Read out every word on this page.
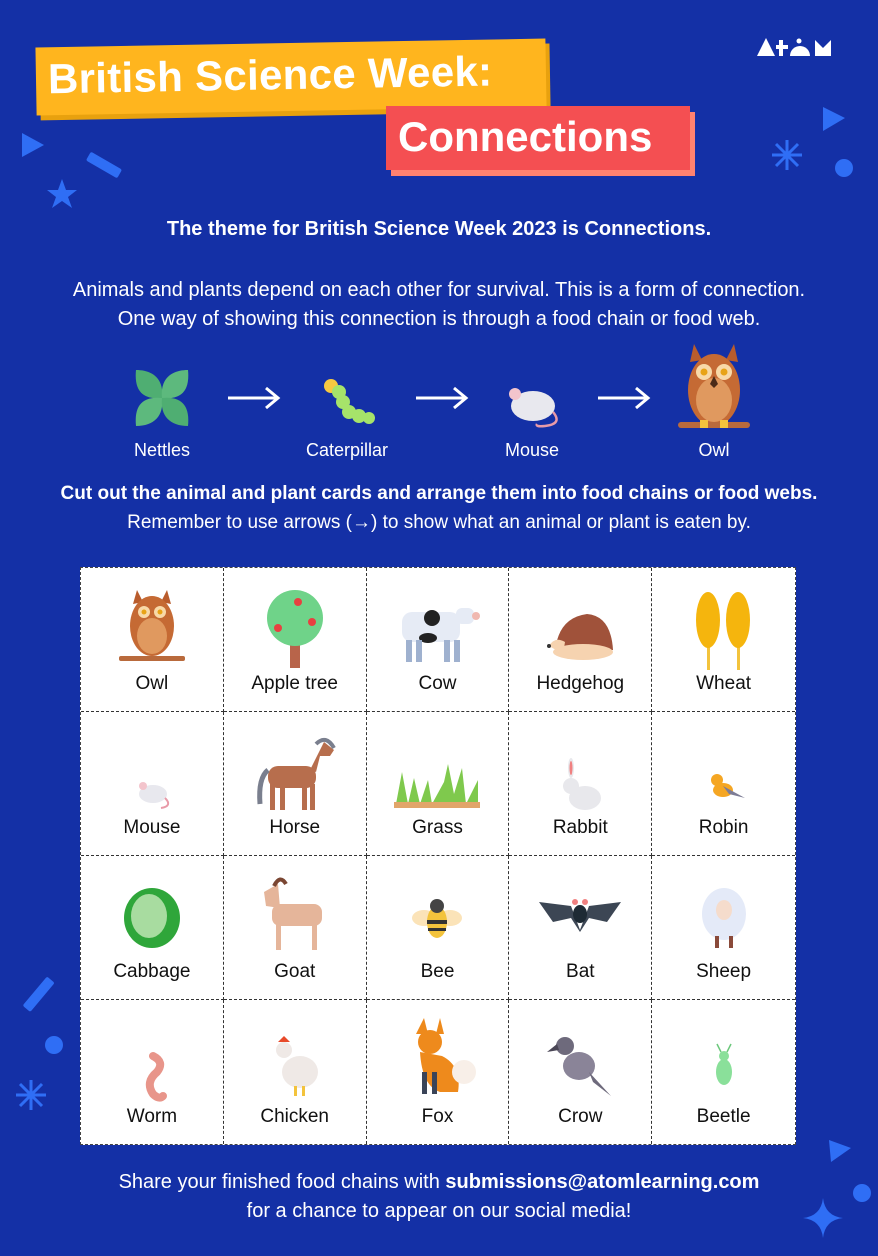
British Science Week:
Connections
The theme for British Science Week 2023 is Connections.
Animals and plants depend on each other for survival. This is a form of connection.
One way of showing this connection is through a food chain or food web.
Nettles	Caterpillar	Mouse	Owl
Cut out the animal and plant cards and arrange them into food chains or food webs.
Remember to use arrows (→) to show what an animal or plant is eaten by.
Owl	Apple tree	Cow	Hedgehog	Wheat
Mouse	Horse	Grass	Rabbit	Robin
Cabbage	Goat	Bee	Bat	Sheep
Worm	Chicken	Fox	Crow	Beetle
Share your finished food chains with submissions@atomlearning.com
for a chance to appear on our social media!
